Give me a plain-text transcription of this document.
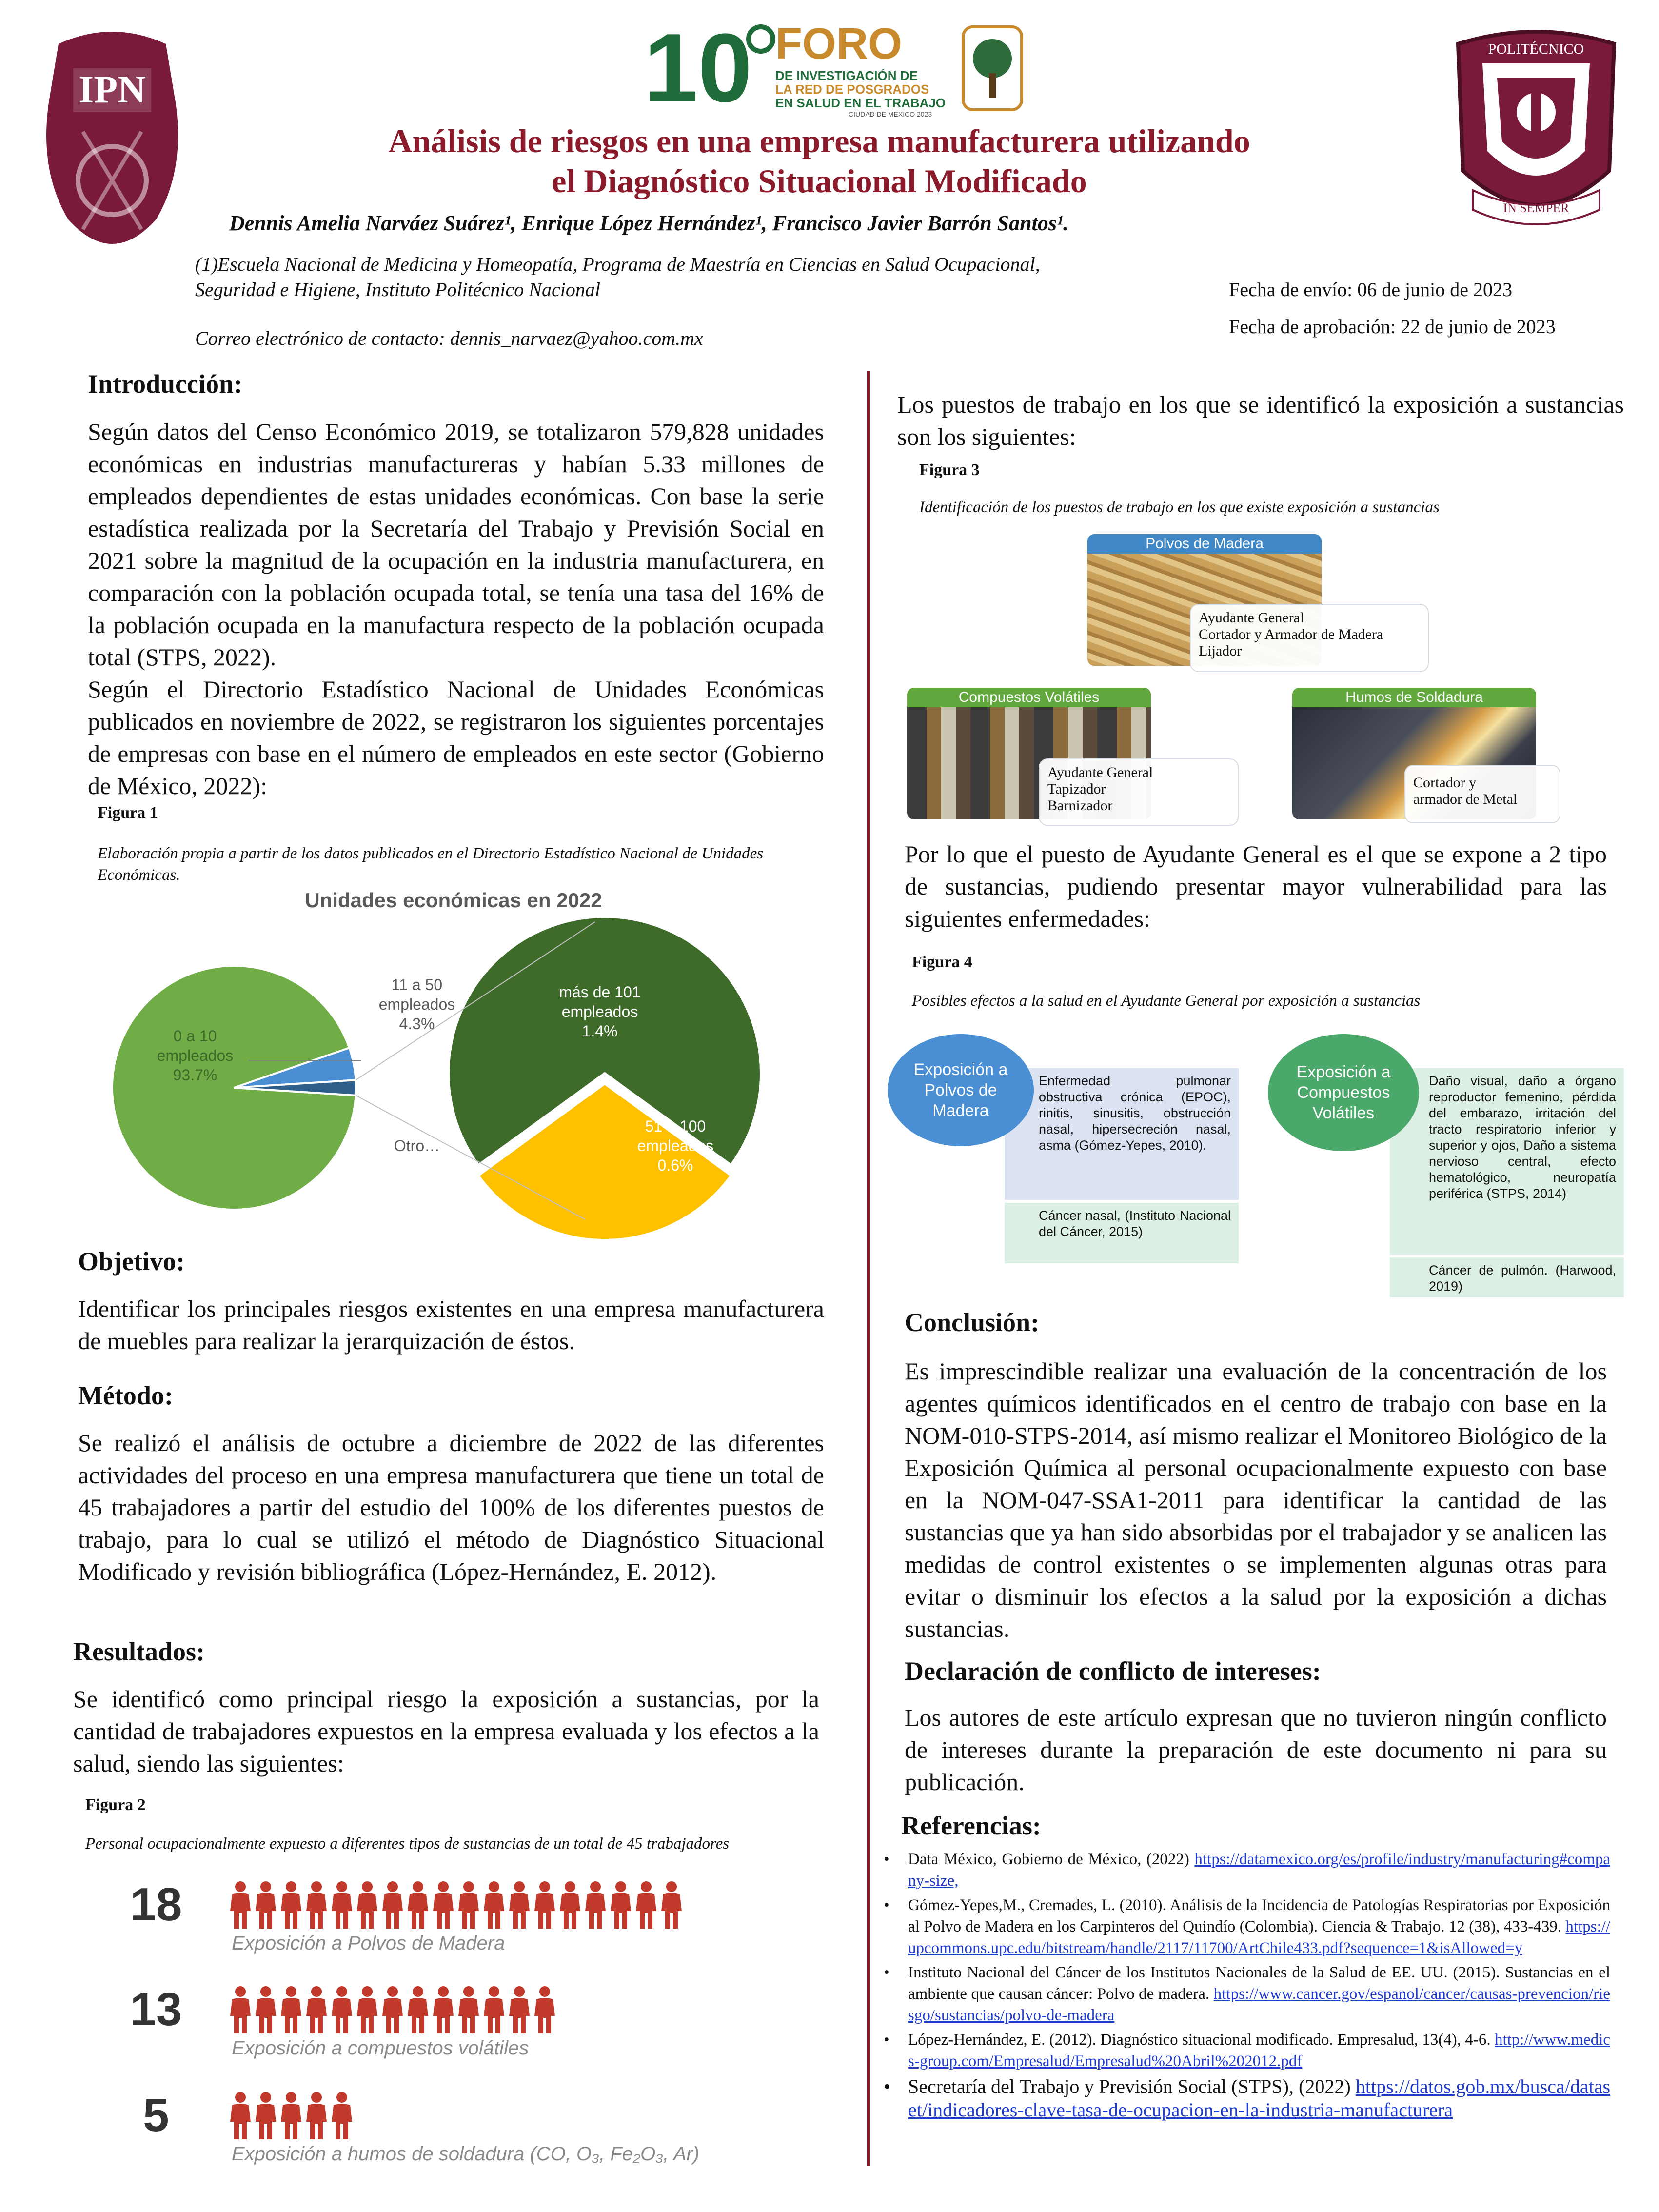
IPN	10 FORO
DE INVESTIGACIÓN DE
LA RED DE POSGRADOS
EN SALUD EN EL TRABAJO
CIUDAD DE MÉXICO 2023
POLITÉCNICO
IN SEMPER
Análisis de riesgos en una empresa manufacturera utilizando
el Diagnóstico Situacional Modificado
Dennis Amelia Narváez Suárez¹, Enrique López Hernández¹, Francisco Javier Barrón Santos¹.
(1)Escuela Nacional de Medicina y Homeopatía, Programa de Maestría en Ciencias en Salud Ocupacional,
Seguridad e Higiene, Instituto Politécnico Nacional
Correo electrónico de contacto: dennis_narvaez@yahoo.com.mx
Fecha de envío: 06 de junio de 2023
Fecha de aprobación: 22 de junio de 2023
Introducción:
Según datos del Censo Económico 2019, se totalizaron 579,828 unidades económicas en industrias manufactureras y habían 5.33 millones de empleados dependientes de estas unidades económicas. Con base la serie estadística realizada por la Secretaría del Trabajo y Previsión Social en 2021 sobre la magnitud de la ocupación en la industria manufacturera, en comparación con la población ocupada total, se tenía una tasa del 16% de la población ocupada en la manufactura respecto de la población ocupada total (STPS, 2022).
Según el Directorio Estadístico Nacional de Unidades Económicas publicados en noviembre de 2022, se registraron los siguientes porcentajes de empresas con base en el número de empleados en este sector (Gobierno de México, 2022):
Figura 1
Elaboración propia a partir de los datos publicados en el Directorio Estadístico Nacional de Unidades Económicas.
Unidades económicas en 2022
0 a 10 empleados 93.7%
11 a 50 empleados 4.3%
Otro…
más de 101 empleados 1.4%
51 a 100 empleados 0.6%
Objetivo:
Identificar los principales riesgos existentes en una empresa manufacturera de muebles para realizar la jerarquización de éstos.
Método:
Se realizó el análisis de octubre a diciembre de 2022 de las diferentes actividades del proceso en una empresa manufacturera que tiene un total de 45 trabajadores a partir del estudio del 100% de los diferentes puestos de trabajo, para lo cual se utilizó el método de Diagnóstico Situacional Modificado y revisión bibliográfica (López-Hernández, E. 2012).
Resultados:
Se identificó como principal riesgo la exposición a sustancias, por la cantidad de trabajadores expuestos en la empresa evaluada y los efectos a la salud, siendo las siguientes:
Figura 2
Personal ocupacionalmente expuesto a diferentes tipos de sustancias de un total de 45 trabajadores
18
Exposición a Polvos de Madera
13
Exposición a compuestos volátiles
5
Exposición a humos de soldadura (CO, O₃, Fe₂O₃, Ar)
Los puestos de trabajo en los que se identificó la exposición a sustancias son los siguientes:
Figura 3
Identificación de los puestos de trabajo en los que existe exposición a sustancias
Polvos de Madera
Ayudante General
Cortador y Armador de Madera
Lijador
Compuestos Volátiles
Ayudante General
Tapizador
Barnizador
Humos de Soldadura
Cortador y
armador de Metal
Por lo que el puesto de Ayudante General es el que se expone a 2 tipo de sustancias, pudiendo presentar mayor vulnerabilidad para las siguientes enfermedades:
Figura 4
Posibles efectos a la salud en el Ayudante General por exposición a sustancias
Enfermedad pulmonar obstructiva crónica (EPOC), rinitis, sinusitis, obstrucción nasal, hipersecreción nasal, asma (Gómez-Yepes, 2010).
Cáncer nasal, (Instituto Nacional del Cáncer, 2015)
Exposición a Polvos de Madera
Daño visual, daño a órgano reproductor femenino, pérdida del embarazo, irritación del tracto respiratorio inferior y superior y ojos, Daño a sistema nervioso central, efecto hematológico, neuropatía periférica (STPS, 2014)
Cáncer de pulmón. (Harwood, 2019)
Exposición a Compuestos Volátiles
Conclusión:
Es imprescindible realizar una evaluación de la concentración de los agentes químicos identificados en el centro de trabajo con base en la NOM-010-STPS-2014, así mismo realizar el Monitoreo Biológico de la Exposición Química al personal ocupacionalmente expuesto con base en la NOM-047-SSA1-2011 para identificar la cantidad de las sustancias que ya han sido absorbidas por el trabajador y se analicen las medidas de control existentes o se implementen algunas otras para evitar o disminuir los efectos a la salud por la exposición a dichas sustancias.
Declaración de conflicto de intereses:
Los autores de este artículo expresan que no tuvieron ningún conflicto de intereses durante la preparación de este documento ni para su publicación.
Referencias:
• Data México, Gobierno de México, (2022) https://datamexico.org/es/profile/industry/manufacturing#company-size,
• Gómez-Yepes,M., Cremades, L. (2010). Análisis de la Incidencia de Patologías Respiratorias por Exposición al Polvo de Madera en los Carpinteros del Quindío (Colombia). Ciencia & Trabajo. 12 (38), 433-439. https://upcommons.upc.edu/bitstream/handle/2117/11700/ArtChile433.pdf?sequence=1&isAllowed=y
• Instituto Nacional del Cáncer de los Institutos Nacionales de la Salud de EE. UU. (2015). Sustancias en el ambiente que causan cáncer: Polvo de madera. https://www.cancer.gov/espanol/cancer/causas-prevencion/riesgo/sustancias/polvo-de-madera
• López-Hernández, E. (2012). Diagnóstico situacional modificado. Empresalud, 13(4), 4-6. http://www.medics-group.com/Empresalud/Empresalud%20Abril%202012.pdf
• Secretaría del Trabajo y Previsión Social (STPS), (2022) https://datos.gob.mx/busca/dataset/indicadores-clave-tasa-de-ocupacion-en-la-industria-manufacturera
